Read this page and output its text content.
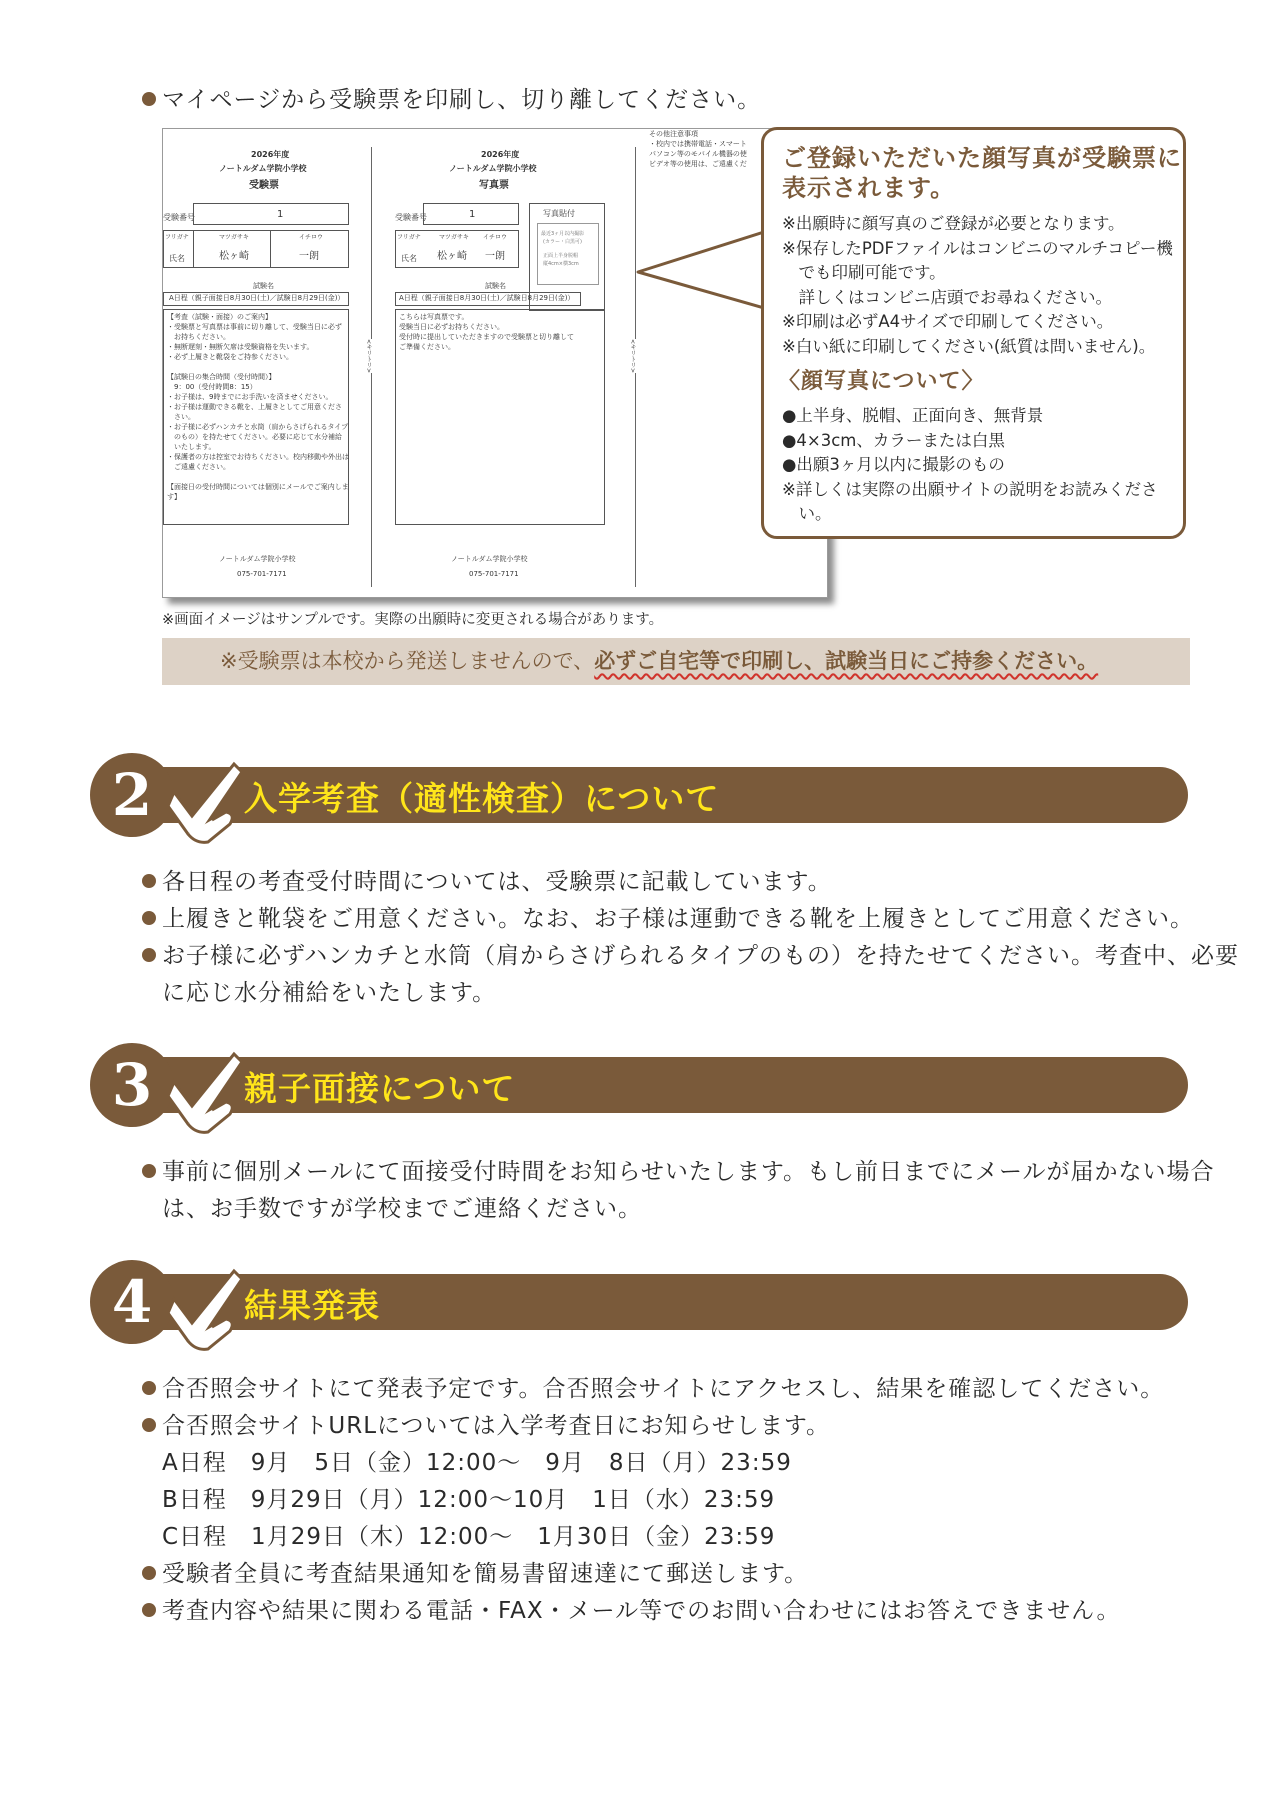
マイページから受験票を印刷し、切り離してください。
2026年度
ノートルダム学院小学校
受験票
受験番号	1
フリガナ	マツガサキ	イチロウ
氏名	松ヶ崎	一朗
試験名
A日程（親子面接日8月30日(土)／試験日8月29日(金)）
【考査（試験・面接）のご案内】
・受験票と写真票は事前に切り離して、受験当日に必ず
　お持ちください。
・無断遅刻・無断欠席は受験資格を失います。
・必ず上履きと靴袋をご持参ください。

【試験日の集合時間（受付時間）】
　9：00（受付時間8：15）
・お子様は、9時までにお手洗いを済ませください。
・お子様は運動できる靴を、上履きとしてご用意くださ
　さい。
・お子様に必ずハンカチと水筒（肩からさげられるタイプ
　のもの）を持たせてください。必要に応じて水分補給
　いたします。
・保護者の方は控室でお待ちください。校内移動や外出は
　ご遠慮ください。

【面接日の受付時間については個別にメールでご案内しま
す】
ノートルダム学院小学校
075-701-7171
<キリトリ>
2026年度
ノートルダム学院小学校
写真票
受験番号	1
フリガナ	マツガサキ イチロウ
氏名 松ヶ崎 一朗
写真貼付
最近3ヶ月以内撮影
(カラー・白黒可)
正面上半身脱帽
縦4cm×横3cm
試験名
A日程（親子面接日8月30日(土)／試験日8月29日(金)）
こちらは写真票です。
受験当日に必ずお持ちください。
受付時に提出していただきますので受験票と切り離して
ご準備ください。
ノートルダム学院小学校
075-701-7171
<キリトリ>
その他注意事項
・校内では携帯電話・スマート
パソコン等のモバイル機器の使
ビデオ等の使用は、ご遠慮くだ ご登録いただいた顔写真が受験票に
表示されます。
※出願時に顔写真のご登録が必要となります。
※保存したPDFファイルはコンビニのマルチコピー機
　でも印刷可能です。
　詳しくはコンビニ店頭でお尋ねください。
※印刷は必ずA4サイズで印刷してください。
※白い紙に印刷してください(紙質は問いません)。
〈顔写真について〉
●上半身、脱帽、正面向き、無背景
●4×3cm、カラーまたは白黒
●出願3ヶ月以内に撮影のもの
※詳しくは実際の出願サイトの説明をお読みくださ
　い。
※画面イメージはサンプルです。実際の出願時に変更される場合があります。
※受験票は本校から発送しませんので、必ずご自宅等で印刷し、試験当日にご持参ください。
2	入学考査（適性検査）について
各日程の考査受付時間については、受験票に記載しています。
上履きと靴袋をご用意ください。なお、お子様は運動できる靴を上履きとしてご用意ください。
お子様に必ずハンカチと水筒（肩からさげられるタイプのもの）を持たせてください。考査中、必要
に応じ水分補給をいたします。
3	親子面接について
事前に個別メールにて面接受付時間をお知らせいたします。もし前日までにメールが届かない場合
は、お手数ですが学校までご連絡ください。
4	結果発表
合否照会サイトにて発表予定です。合否照会サイトにアクセスし、結果を確認してください。
合否照会サイトURLについては入学考査日にお知らせします。
A日程　9月　5日（金）12:00～　9月　8日（月）23:59
B日程　9月29日（月）12:00～10月　1日（水）23:59
C日程　1月29日（木）12:00～　1月30日（金）23:59
受験者全員に考査結果通知を簡易書留速達にて郵送します。
考査内容や結果に関わる電話・FAX・メール等でのお問い合わせにはお答えできません。
